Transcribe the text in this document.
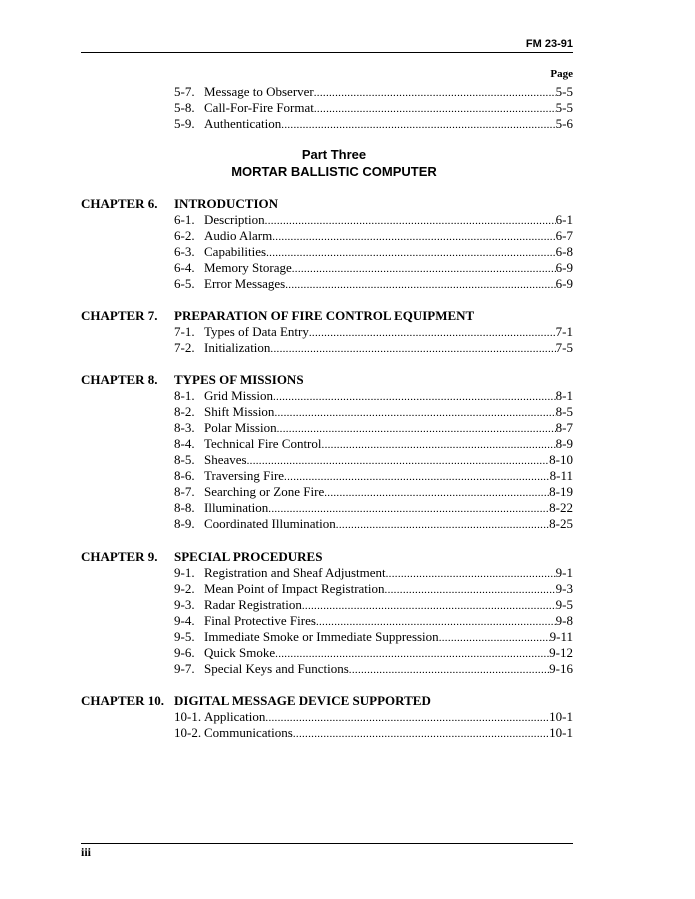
FM 23-91
Page
5-7. Message to Observer .....	5-5
5-8. Call-For-Fire Format .....	5-5
5-9. Authentication .....	5-6
Part Three
MORTAR BALLISTIC COMPUTER
CHAPTER 6. INTRODUCTION
6-1. Description .....	6-1
6-2. Audio Alarm .....	6-7
6-3. Capabilities .....	6-8
6-4. Memory Storage .....	6-9
6-5. Error Messages .....	6-9
CHAPTER 7. PREPARATION OF FIRE CONTROL EQUIPMENT
7-1. Types of Data Entry .....	7-1
7-2. Initialization .....	7-5
CHAPTER 8. TYPES OF MISSIONS
8-1. Grid Mission .....	8-1
8-2. Shift Mission .....	8-5
8-3. Polar Mission .....	8-7
8-4. Technical Fire Control .....	8-9
8-5. Sheaves .....	8-10
8-6. Traversing Fire .....	8-11
8-7. Searching or Zone Fire .....	8-19
8-8. Illumination .....	8-22
8-9. Coordinated Illumination .....	8-25
CHAPTER 9. SPECIAL PROCEDURES
9-1. Registration and Sheaf Adjustment .....	9-1
9-2. Mean Point of Impact Registration .....	9-3
9-3. Radar Registration .....	9-5
9-4. Final Protective Fires .....	9-8
9-5. Immediate Smoke or Immediate Suppression .....	9-11
9-6. Quick Smoke .....	9-12
9-7. Special Keys and Functions .....	9-16
CHAPTER 10. DIGITAL MESSAGE DEVICE SUPPORTED
10-1. Application .....	10-1
10-2. Communications .....	10-1
iii
